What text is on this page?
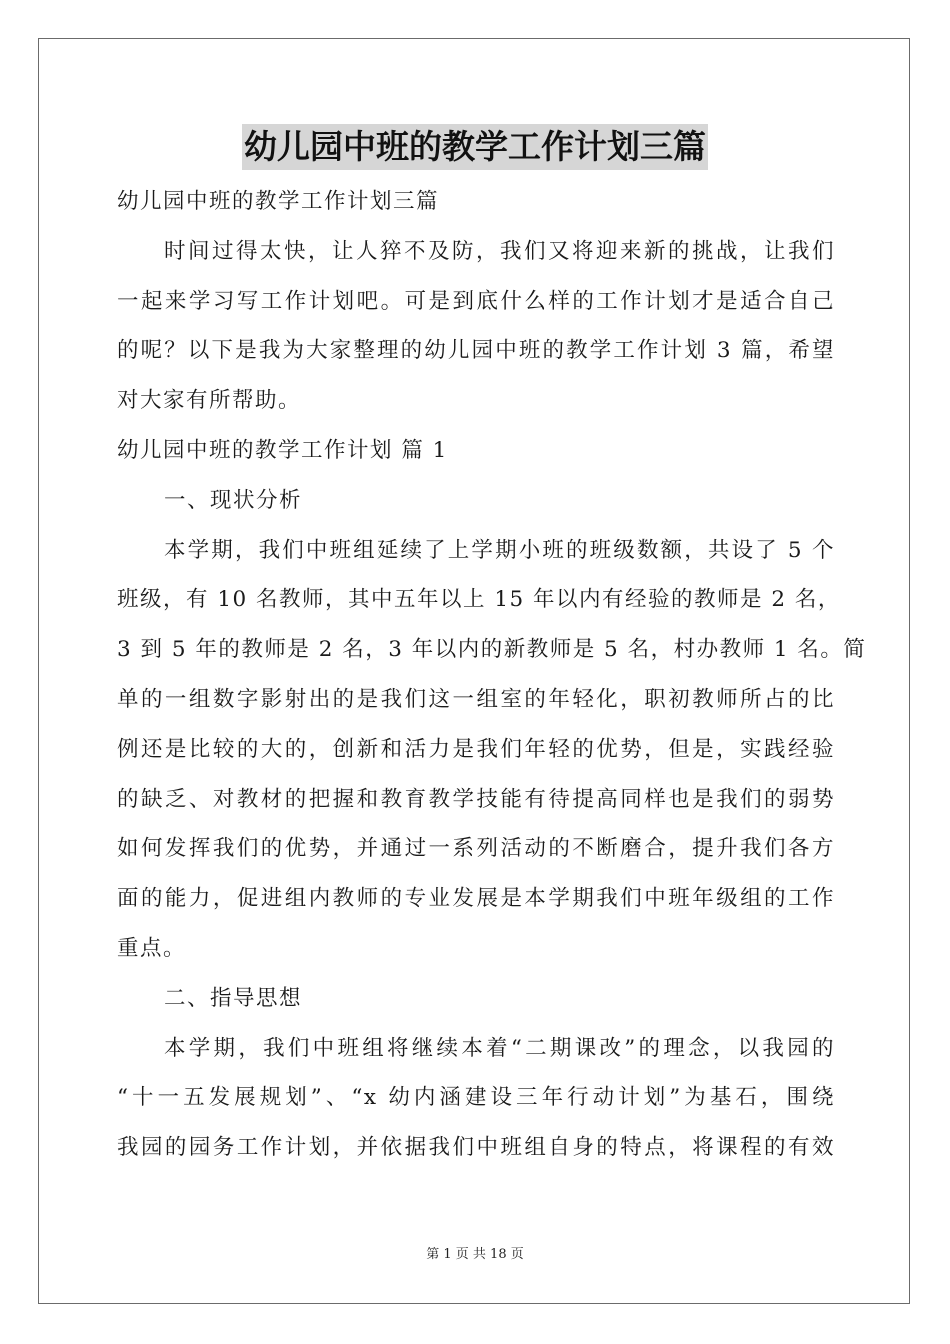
幼儿园中班的教学工作计划三篇
幼儿园中班的教学工作计划三篇
时间过得太快，让人猝不及防，我们又将迎来新的挑战，让我们
一起来学习写工作计划吧。可是到底什么样的工作计划才是适合自己
的呢？以下是我为大家整理的幼儿园中班的教学工作计划 3 篇，希望
对大家有所帮助。
幼儿园中班的教学工作计划 篇 1
一、现状分析
本学期，我们中班组延续了上学期小班的班级数额，共设了 5 个
班级，有 10 名教师，其中五年以上 15 年以内有经验的教师是 2 名，
3 到 5 年的教师是 2 名，3 年以内的新教师是 5 名，村办教师 1 名。简
单的一组数字影射出的是我们这一组室的年轻化，职初教师所占的比
例还是比较的大的，创新和活力是我们年轻的优势，但是，实践经验
的缺乏、对教材的把握和教育教学技能有待提高同样也是我们的弱势
如何发挥我们的优势，并通过一系列活动的不断磨合，提升我们各方
面的能力，促进组内教师的专业发展是本学期我们中班年级组的工作
重点。
二、指导思想
本学期，我们中班组将继续本着“二期课改”的理念，以我园的
“十一五发展规划”、“x 幼内涵建设三年行动计划”为基石，围绕
我园的园务工作计划，并依据我们中班组自身的特点，将课程的有效
第 1 页 共 18 页
